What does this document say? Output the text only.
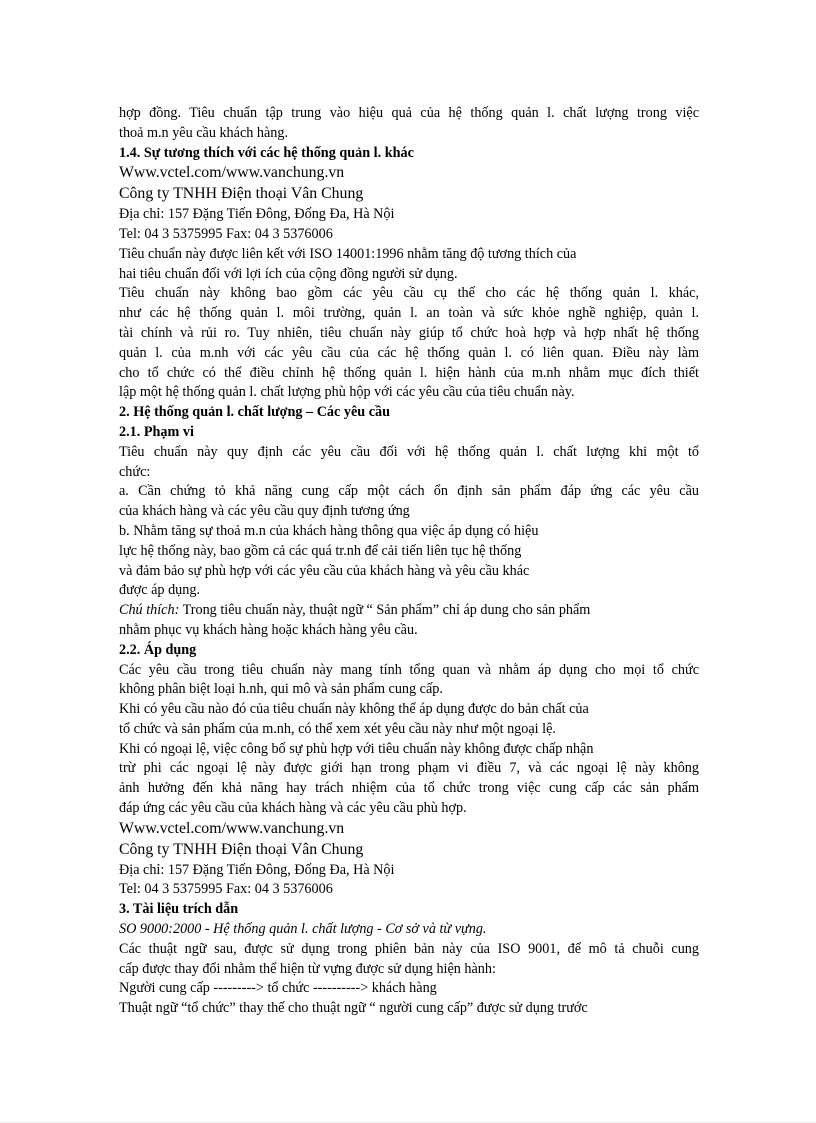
hợp đồng. Tiêu chuẩn tập trung vào hiệu quả của hệ thống quản l. chất lượng trong việc
thoả m.n yêu cầu khách hàng.
1.4. Sự tương thích với các hệ thống quản l. khác
Www.vctel.com/www.vanchung.vn
Công ty TNHH Điện thoại Vân Chung
Địa chỉ: 157 Đặng Tiến Đông, Đống Đa, Hà Nội
Tel: 04 3 5375995 Fax: 04 3 5376006
Tiêu chuẩn này được liên kết với ISO 14001:1996 nhằm tăng độ tương thích của
hai tiêu chuẩn đối với lợi ích của cộng đồng người sử dụng.
Tiêu chuẩn này không bao gồm các yêu cầu cụ thể cho các hệ thống quản l. khác,
như các hệ thống quản l. môi trường, quản l. an toàn và sức khỏe nghề nghiệp, quản l.
tài chính và rủi ro. Tuy nhiên, tiêu chuẩn này giúp tổ chức hoà hợp và hợp nhất hệ thống
quản l. của m.nh với các yêu cầu của các hệ thống quản l. có liên quan. Điều này làm
cho tổ chức có thể điều chỉnh hệ thống quản l. hiện hành của m.nh nhằm mục đích thiết
lập một hệ thống quản l. chất lượng phù hộp với các yêu cầu của tiêu chuẩn này.
2. Hệ thống quản l. chất lượng – Các yêu cầu
2.1. Phạm vi
Tiêu chuẩn này quy định các yêu cầu đối với hệ thống quản l. chất lượng khi một tổ
chức:
a. Cần chứng tỏ khả năng cung cấp một cách ổn định sản phẩm đáp ứng các yêu cầu
của khách hàng và các yêu cầu quy định tương ứng
b. Nhằm tăng sự thoả m.n của khách hàng thông qua việc áp dụng có hiệu
lực hệ thống này, bao gồm cả các quá tr.nh để cải tiến liên tục hệ thống
và đảm bảo sự phù hợp với các yêu cầu của khách hàng và yêu cầu khác
được áp dụng.
Chú thích: Trong tiêu chuẩn này, thuật ngữ “ Sản phẩm” chỉ áp dung cho sản phẩm
nhằm phục vụ khách hàng hoặc khách hàng yêu cầu.
2.2. Áp dụng
Các yêu cầu trong tiêu chuẩn này mang tính tổng quan và nhằm áp dụng cho mọi tổ chức
không phân biệt loại h.nh, qui mô và sản phẩm cung cấp.
Khi có yêu cầu nào đó của tiêu chuẩn này không thể áp dụng được do bản chất của
tổ chức và sản phẩm của m.nh, có thể xem xét yêu cầu này như một ngoại lệ.
Khi có ngoại lệ, việc công bố sự phù hợp với tiêu chuẩn này không được chấp nhận
trừ phi các ngoại lệ này được giới hạn trong phạm vi điều 7, và các ngoại lệ này không
ảnh hưởng đến khả năng hay trách nhiệm của tổ chức trong việc cung cấp các sản phẩm
đáp ứng các yêu cầu của khách hàng và các yêu cầu phù hợp.
Www.vctel.com/www.vanchung.vn
Công ty TNHH Điện thoại Vân Chung
Địa chỉ: 157 Đặng Tiến Đông, Đống Đa, Hà Nội
Tel: 04 3 5375995 Fax: 04 3 5376006
3. Tài liệu trích dẫn
SO 9000:2000 - Hệ thống quản l. chất lượng - Cơ sở và từ vựng.
Các thuật ngữ sau, được sử dụng trong phiên bản này của ISO 9001, để mô tả chuỗi cung
cấp được thay đổi nhằm thể hiện từ vựng được sử dụng hiện hành:
Người cung cấp ---------> tổ chức ----------> khách hàng
Thuật ngữ “tổ chức” thay thế cho thuật ngữ “ người cung cấp” được sử dụng trước
